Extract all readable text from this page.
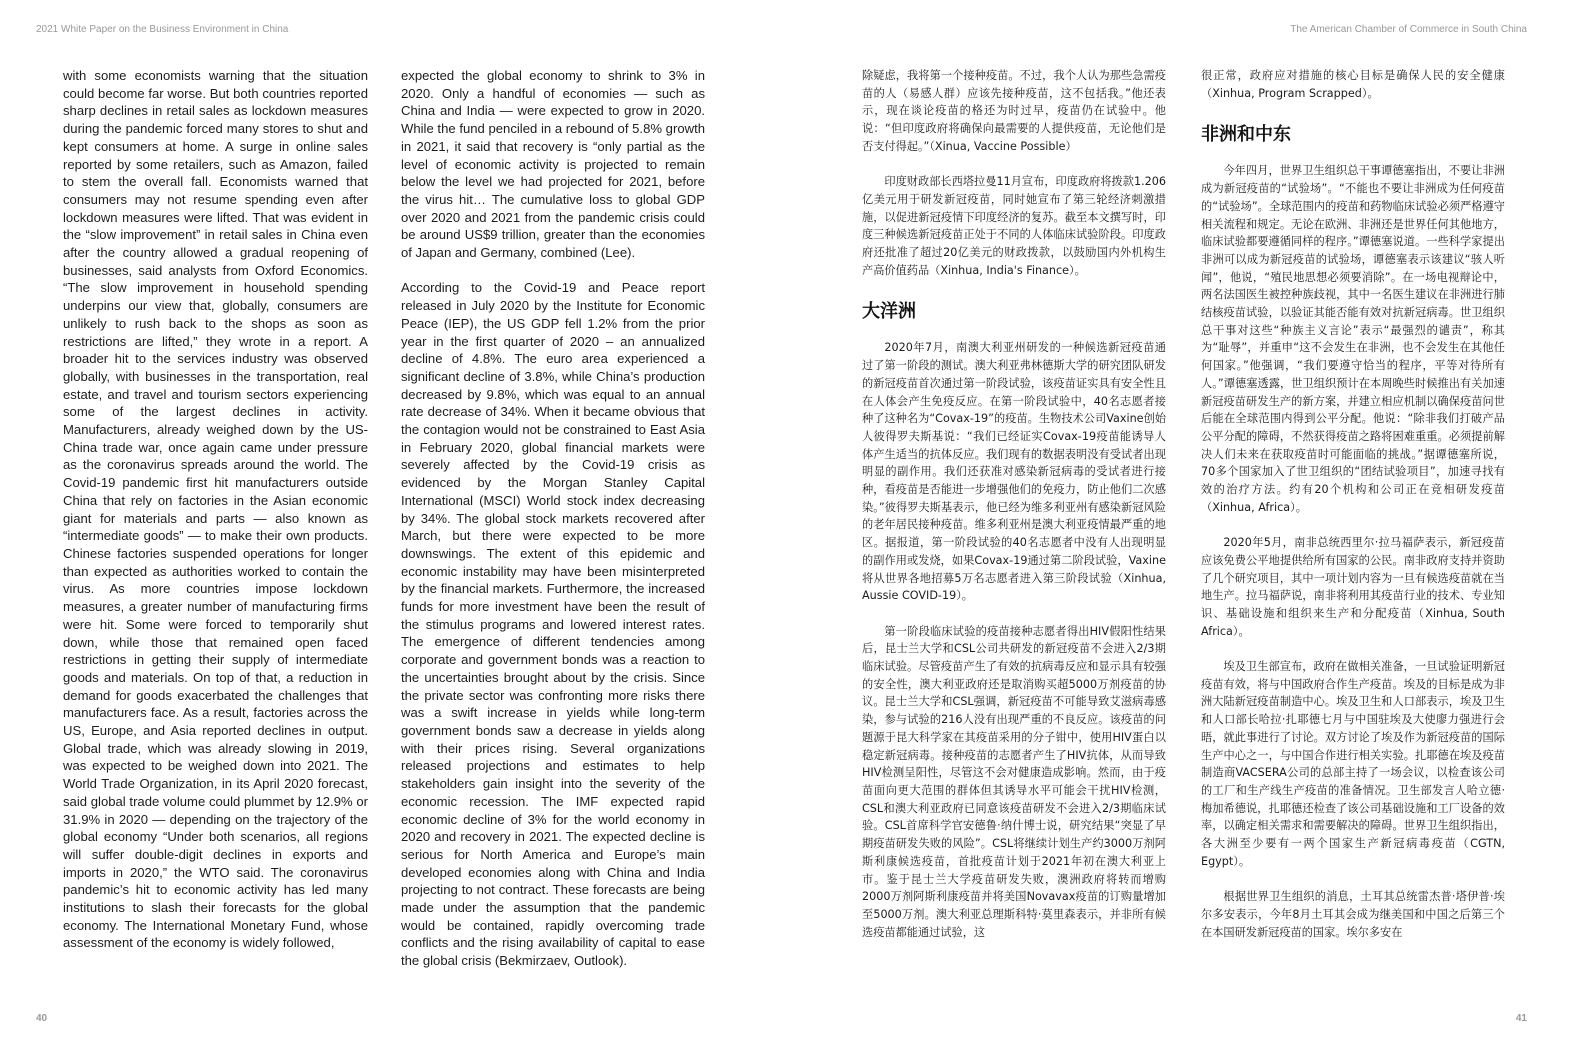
2021 White Paper on the Business Environment in China	The American Chamber of Commerce in South China

with some economists warning that the situation could become far worse. But both countries reported sharp declines in retail sales as lockdown measures during the pandemic forced many stores to shut and kept consumers at home. A surge in online sales reported by some retailers, such as Amazon, failed to stem the overall fall. Economists warned that consumers may not resume spending even after lockdown measures were lifted. That was evident in the “slow improvement” in retail sales in China even after the country allowed a gradual reopening of businesses, said analysts from Oxford Economics. “The slow improvement in household spending underpins our view that, globally, consumers are unlikely to rush back to the shops as soon as restrictions are lifted,” they wrote in a report. A broader hit to the services industry was observed globally, with businesses in the transportation, real estate, and travel and tourism sectors experiencing some of the largest declines in activity. Manufacturers, already weighed down by the US-China trade war, once again came under pressure as the coronavirus spreads around the world. The Covid-19 pandemic first hit manufacturers outside China that rely on factories in the Asian economic giant for materials and parts — also known as “intermediate goods” — to make their own products. Chinese factories suspended operations for longer than expected as authorities worked to contain the virus. As more countries impose lockdown measures, a greater number of manufacturing firms were hit. Some were forced to temporarily shut down, while those that remained open faced restrictions in getting their supply of intermediate goods and materials. On top of that, a reduction in demand for goods exacerbated the challenges that manufacturers face. As a result, factories across the US, Europe, and Asia reported declines in output. Global trade, which was already slowing in 2019, was expected to be weighed down into 2021. The World Trade Organization, in its April 2020 forecast, said global trade volume could plummet by 12.9% or 31.9% in 2020 — depending on the trajectory of the global economy “Under both scenarios, all regions will suffer double-digit declines in exports and imports in 2020,” the WTO said. The coronavirus pandemic’s hit to economic activity has led many institutions to slash their forecasts for the global economy. The International Monetary Fund, whose assessment of the economy is widely followed,

expected the global economy to shrink to 3% in 2020. Only a handful of economies — such as China and India — were expected to grow in 2020. While the fund penciled in a rebound of 5.8% growth in 2021, it said that recovery is “only partial as the level of economic activity is projected to remain below the level we had projected for 2021, before the virus hit… The cumulative loss to global GDP over 2020 and 2021 from the pandemic crisis could be around US$9 trillion, greater than the economies of Japan and Germany, combined (Lee).

According to the Covid-19 and Peace report released in July 2020 by the Institute for Economic Peace (IEP), the US GDP fell 1.2% from the prior year in the first quarter of 2020 – an annualized decline of 4.8%. The euro area experienced a significant decline of 3.8%, while China’s production decreased by 9.8%, which was equal to an annual rate decrease of 34%. When it became obvious that the contagion would not be constrained to East Asia in February 2020, global financial markets were severely affected by the Covid-19 crisis as evidenced by the Morgan Stanley Capital International (MSCI) World stock index decreasing by 34%. The global stock markets recovered after March, but there were expected to be more downswings. The extent of this epidemic and economic instability may have been misinterpreted by the financial markets. Furthermore, the increased funds for more investment have been the result of the stimulus programs and lowered interest rates. The emergence of different tendencies among corporate and government bonds was a reaction to the uncertainties brought about by the crisis. Since the private sector was confronting more risks there was a swift increase in yields while long-term government bonds saw a decrease in yields along with their prices rising. Several organizations released projections and estimates to help stakeholders gain insight into the severity of the economic recession. The IMF expected rapid economic decline of 3% for the world economy in 2020 and recovery in 2021. The expected decline is serious for North America and Europe’s main developed economies along with China and India projecting to not contract. These forecasts are being made under the assumption that the pandemic would be contained, rapidly overcoming trade conflicts and the rising availability of capital to ease the global crisis (Bekmirzaev, Outlook).

除疑虑，我将第一个接种疫苗。不过，我个人认为那些急需疫苗的人（易感人群）应该先接种疫苗，这不包括我。”他还表示，现在谈论疫苗的格还为时过早，疫苗仍在试验中。他说：“但印度政府将确保向最需要的人提供疫苗，无论他们是否支付得起。”（Xinua, Vaccine Possible）

印度财政部长西塔拉曼11月宣布，印度政府将拨款1.206亿美元用于研发新冠疫苗，同时她宣布了第三轮经济刺激措施，以促进新冠疫情下印度经济的复苏。截至本文撰写时，印度三种候选新冠疫苗正处于不同的人体临床试验阶段。印度政府还批准了超过20亿美元的财政拨款，以鼓励国内外机构生产高价值药品（Xinhua, India's Finance）。

大洋洲

2020年7月，南澳大利亚州研发的一种候选新冠疫苗通过了第一阶段的测试。澳大利亚弗林德斯大学的研究团队研发的新冠疫苗首次通过第一阶段试验，该疫苗证实具有安全性且在人体会产生免疫反应。在第一阶段试验中，40名志愿者接种了这种名为“Covax-19”的疫苗。生物技术公司Vaxine创始人彼得罗夫斯基说：“我们已经证实Covax-19疫苗能诱导人体产生适当的抗体反应。我们现有的数据表明没有受试者出现明显的副作用。我们还获准对感染新冠病毒的受试者进行接种，看疫苗是否能进一步增强他们的免疫力，防止他们二次感染。”彼得罗夫斯基表示，他已经为维多利亚州有感染新冠风险的老年居民接种疫苗。维多利亚州是澳大利亚疫情最严重的地区。据报道，第一阶段试验的40名志愿者中没有人出现明显的副作用或发烧，如果Covax-19通过第二阶段试验，Vaxine将从世界各地招募5万名志愿者进入第三阶段试验（Xinhua, Aussie COVID-19）。

第一阶段临床试验的疫苗接种志愿者得出HIV假阳性结果后，昆士兰大学和CSL公司共研发的新冠疫苗不会进入2/3期临床试验。尽管疫苗产生了有效的抗病毒反应和显示具有较强的安全性，澳大利亚政府还是取消购买超5000万剂疫苗的协议。昆士兰大学和CSL强调，新冠疫苗不可能导致艾滋病毒感染，参与试验的216人没有出现严重的不良反应。该疫苗的问题源于昆大科学家在其疫苗采用的分子钳中，使用HIV蛋白以稳定新冠病毒。接种疫苗的志愿者产生了HIV抗体，从而导致HIV检测呈阳性，尽管这不会对健康造成影响。然而，由于疫苗面向更大范围的群体但其诱导水平可能会干扰HIV检测，CSL和澳大利亚政府已同意该疫苗研发不会进入2/3期临床试验。CSL首席科学官安德鲁·纳什博士说，研究结果“突显了早期疫苗研发失败的风险”。CSL将继续计划生产约3000万剂阿斯利康候选疫苗，首批疫苗计划于2021年初在澳大利亚上市。鉴于昆士兰大学疫苗研发失败，澳洲政府将转而增购2000万剂阿斯利康疫苗并将美国Novavax疫苗的订购量增加至5000万剂。澳大利亚总理斯科特·莫里森表示，并非所有候选疫苗都能通过试验，这

很正常，政府应对措施的核心目标是确保人民的安全健康（Xinhua, Program Scrapped）。

非洲和中东

今年四月，世界卫生组织总干事谭德塞指出，不要让非洲成为新冠疫苗的“试验场”。“不能也不要让非洲成为任何疫苗的“试验场”。全球范围内的疫苗和药物临床试验必须严格遵守相关流程和规定。无论在欧洲、非洲还是世界任何其他地方，临床试验都要遵循同样的程序。”谭德塞说道。一些科学家提出非洲可以成为新冠疫苗的试验场，谭德塞表示该建议“骇人听闻”，他说，“殖民地思想必须要消除”。在一场电视辩论中，两名法国医生被控种族歧视，其中一名医生建议在非洲进行肺结核疫苗试验，以验证其能否能有效对抗新冠病毒。世卫组织总干事对这些“种族主义言论”表示“最强烈的谴责”，称其为“耻辱”，并重申“这不会发生在非洲，也不会发生在其他任何国家。”他强调，“我们要遵守恰当的程序，平等对待所有人。”谭德塞透露，世卫组织预计在本周晚些时候推出有关加速新冠疫苗研发生产的新方案，并建立相应机制以确保疫苗问世后能在全球范围内得到公平分配。他说：“除非我们打破产品公平分配的障碍，不然获得疫苗之路将困难重重。必须提前解决人们未来在获取疫苗时可能面临的挑战。”据谭德塞所说，70多个国家加入了世卫组织的“团结试验项目”，加速寻找有效的治疗方法。约有20个机构和公司正在竞相研发疫苗（Xinhua, Africa）。

2020年5月，南非总统西里尔·拉马福萨表示，新冠疫苗应该免费公平地提供给所有国家的公民。南非政府支持并资助了几个研究项目，其中一项计划内容为一旦有候选疫苗就在当地生产。拉马福萨说，南非将利用其疫苗行业的技术、专业知识、基础设施和组织来生产和分配疫苗（Xinhua, South Africa）。

埃及卫生部宣布，政府在做相关准备，一旦试验证明新冠疫苗有效，将与中国政府合作生产疫苗。埃及的目标是成为非洲大陆新冠疫苗制造中心。埃及卫生和人口部表示，埃及卫生和人口部长哈拉·扎耶德七月与中国驻埃及大使廖力强进行会晤，就此事进行了讨论。双方讨论了埃及作为新冠疫苗的国际生产中心之一，与中国合作进行相关实验。扎耶德在埃及疫苗制造商VACSERA公司的总部主持了一场会议，以检查该公司的工厂和生产线生产疫苗的准备情况。卫生部发言人哈立德·梅加希德说，扎耶德还检查了该公司基础设施和工厂设备的效率，以确定相关需求和需要解决的障碍。世界卫生组织指出，各大洲至少要有一两个国家生产新冠病毒疫苗（CGTN, Egypt）。

根据世界卫生组织的消息，土耳其总统雷杰普·塔伊普·埃尔多安表示，今年8月土耳其会成为继美国和中国之后第三个在本国研发新冠疫苗的国家。埃尔多安在

40	41
